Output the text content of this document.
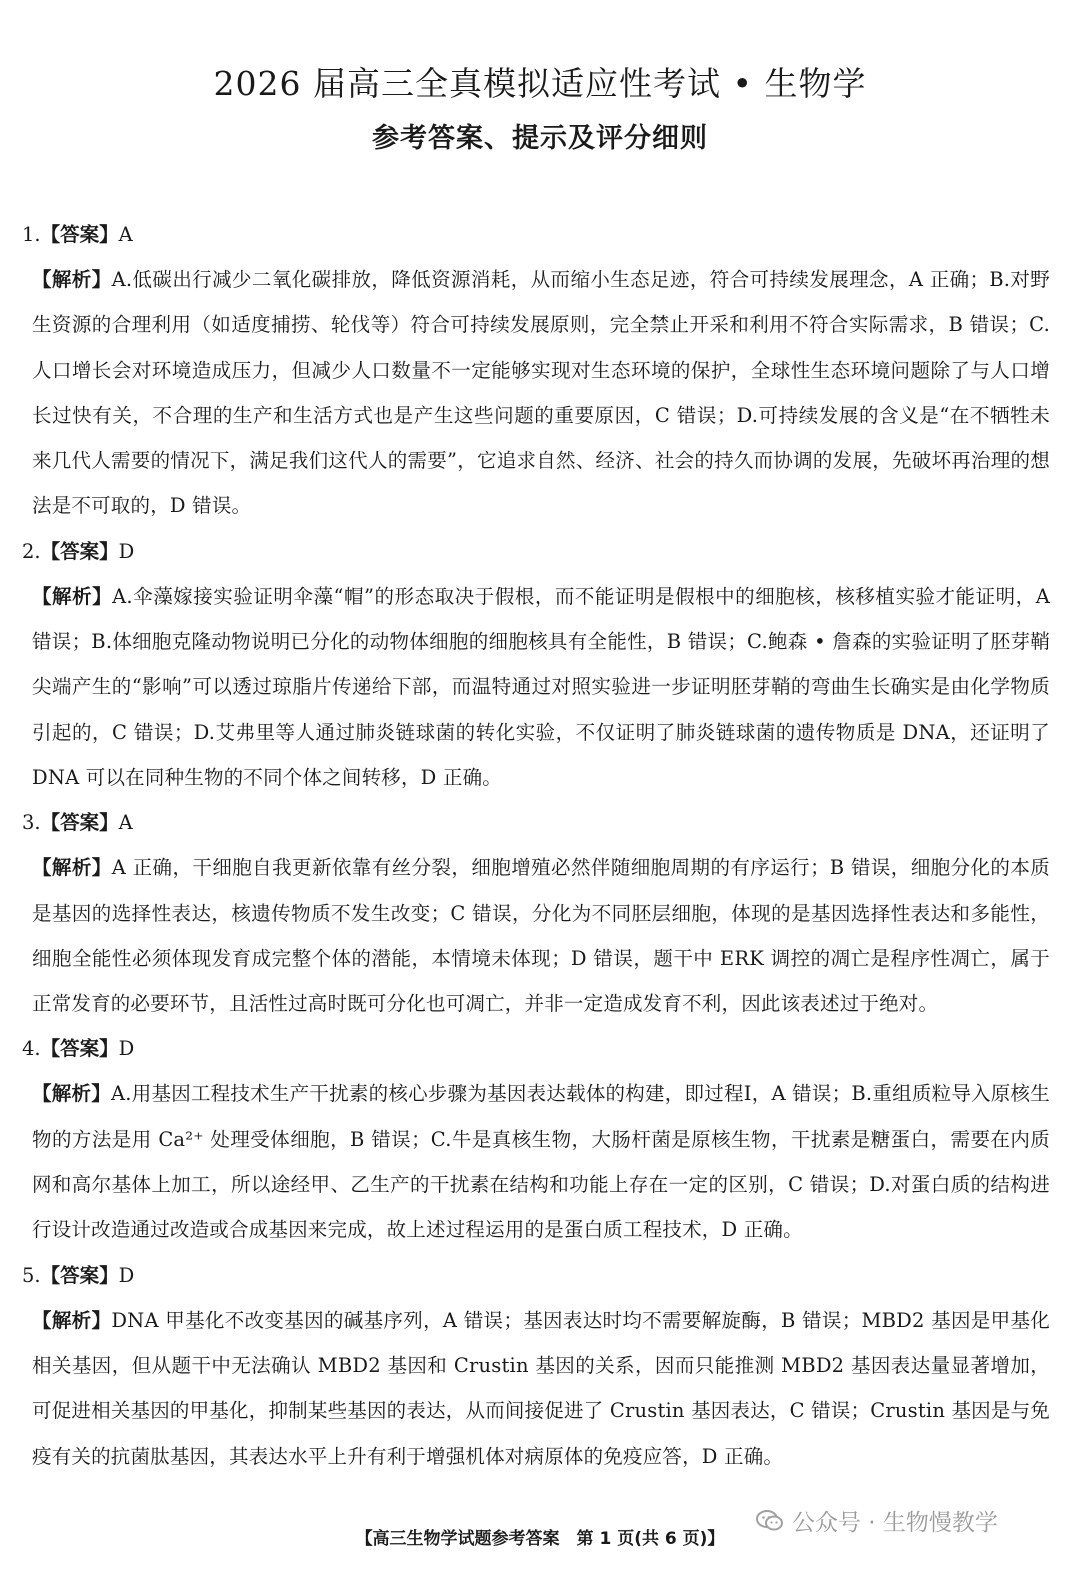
2026 届高三全真模拟适应性考试 • 生物学
参考答案、提示及评分细则
1.【答案】A
【解析】A.低碳出行减少二氧化碳排放，降低资源消耗，从而缩小生态足迹，符合可持续发展理念，A 正确；B.对野生资源的合理利用（如适度捕捞、轮伐等）符合可持续发展原则，完全禁止开采和利用不符合实际需求，B 错误；C.人口增长会对环境造成压力，但减少人口数量不一定能够实现对生态环境的保护，全球性生态环境问题除了与人口增长过快有关，不合理的生产和生活方式也是产生这些问题的重要原因，C 错误；D.可持续发展的含义是“在不牺牲未来几代人需要的情况下，满足我们这代人的需要”，它追求自然、经济、社会的持久而协调的发展，先破坏再治理的想法是不可取的，D 错误。
2.【答案】D
【解析】A.伞藻嫁接实验证明伞藻“帽”的形态取决于假根，而不能证明是假根中的细胞核，核移植实验才能证明，A 错误；B.体细胞克隆动物说明已分化的动物体细胞的细胞核具有全能性，B 错误；C.鲍森 • 詹森的实验证明了胚芽鞘尖端产生的“影响”可以透过琼脂片传递给下部，而温特通过对照实验进一步证明胚芽鞘的弯曲生长确实是由化学物质引起的，C 错误；D.艾弗里等人通过肺炎链球菌的转化实验，不仅证明了肺炎链球菌的遗传物质是 DNA，还证明了 DNA 可以在同种生物的不同个体之间转移，D 正确。
3.【答案】A
【解析】A 正确，干细胞自我更新依靠有丝分裂，细胞增殖必然伴随细胞周期的有序运行；B 错误，细胞分化的本质是基因的选择性表达，核遗传物质不发生改变；C 错误，分化为不同胚层细胞，体现的是基因选择性表达和多能性，细胞全能性必须体现发育成完整个体的潜能，本情境未体现；D 错误，题干中 ERK 调控的凋亡是程序性凋亡，属于正常发育的必要环节，且活性过高时既可分化也可凋亡，并非一定造成发育不利，因此该表述过于绝对。
4.【答案】D
【解析】A.用基因工程技术生产干扰素的核心步骤为基因表达载体的构建，即过程Ⅰ，A 错误；B.重组质粒导入原核生物的方法是用 Ca²⁺ 处理受体细胞，B 错误；C.牛是真核生物，大肠杆菌是原核生物，干扰素是糖蛋白，需要在内质网和高尔基体上加工，所以途经甲、乙生产的干扰素在结构和功能上存在一定的区别，C 错误；D.对蛋白质的结构进行设计改造通过改造或合成基因来完成，故上述过程运用的是蛋白质工程技术，D 正确。
5.【答案】D
【解析】DNA 甲基化不改变基因的碱基序列，A 错误；基因表达时均不需要解旋酶，B 错误；MBD2 基因是甲基化相关基因，但从题干中无法确认 MBD2 基因和 Crustin 基因的关系，因而只能推测 MBD2 基因表达量显著增加，可促进相关基因的甲基化，抑制某些基因的表达，从而间接促进了 Crustin 基因表达，C 错误；Crustin 基因是与免疫有关的抗菌肽基因，其表达水平上升有利于增强机体对病原体的免疫应答，D 正确。
公众号 · 生物慢教学
【高三生物学试题参考答案　第 1 页(共 6 页)】
